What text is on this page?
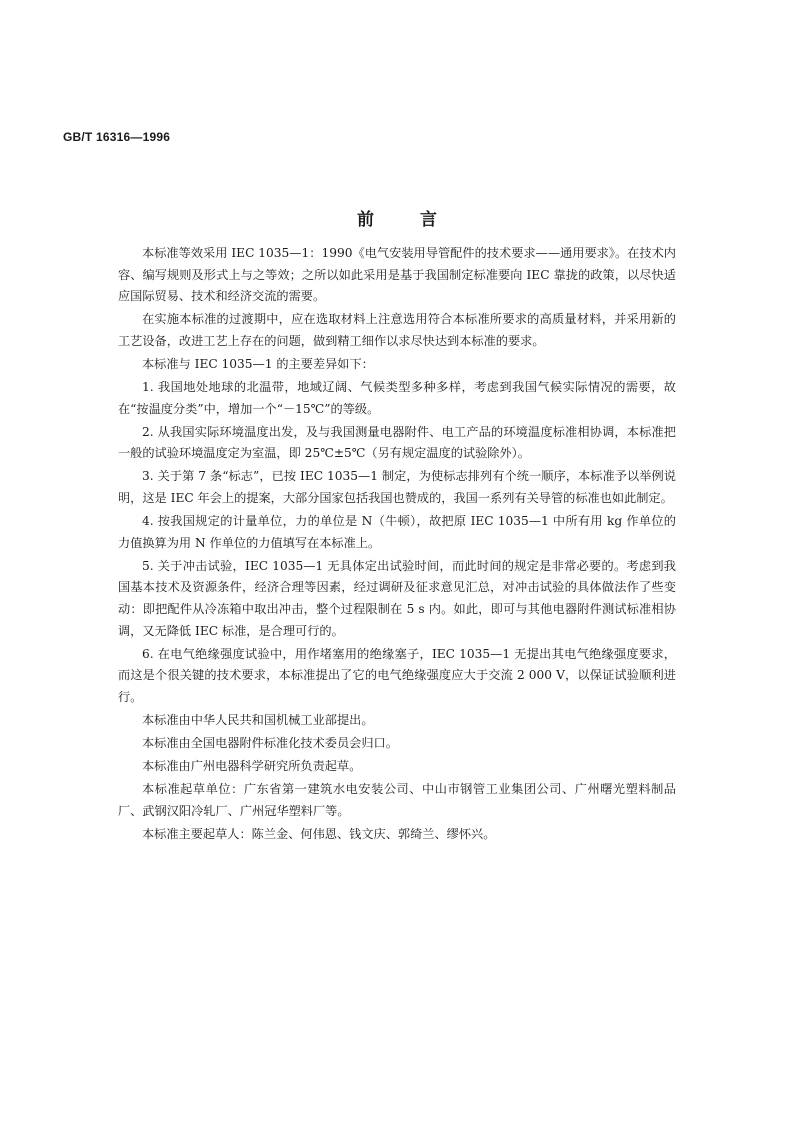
GB/T 16316—1996
前言

本标准等效采用 IEC 1035—1：1990《电气安装用导管配件的技术要求——通用要求》。在技术内容、编写规则及形式上与之等效；之所以如此采用是基于我国制定标准要向 IEC 靠拢的政策，以尽快适应国际贸易、技术和经济交流的需要。

在实施本标准的过渡期中，应在选取材料上注意选用符合本标准所要求的高质量材料，并采用新的工艺设备，改进工艺上存在的问题，做到精工细作以求尽快达到本标准的要求。

本标准与 IEC 1035—1 的主要差异如下：

1. 我国地处地球的北温带，地域辽阔、气候类型多种多样，考虑到我国气候实际情况的需要，故在“按温度分类”中，增加一个“－15℃”的等级。

2. 从我国实际环境温度出发，及与我国测量电器附件、电工产品的环境温度标准相协调，本标准把一般的试验环境温度定为室温，即 25℃±5℃（另有规定温度的试验除外）。

3. 关于第 7 条“标志”，已按 IEC 1035—1 制定，为使标志排列有个统一顺序，本标准予以举例说明，这是 IEC 年会上的提案，大部分国家包括我国也赞成的，我国一系列有关导管的标准也如此制定。

4. 按我国规定的计量单位，力的单位是 N（牛顿），故把原 IEC 1035—1 中所有用 kg 作单位的力值换算为用 N 作单位的力值填写在本标准上。

5. 关于冲击试验，IEC 1035—1 无具体定出试验时间，而此时间的规定是非常必要的。考虑到我国基本技术及资源条件，经济合理等因素，经过调研及征求意见汇总，对冲击试验的具体做法作了些变动：即把配件从冷冻箱中取出冲击，整个过程限制在 5 s 内。如此，即可与其他电器附件测试标准相协调，又无降低 IEC 标准，是合理可行的。

6. 在电气绝缘强度试验中，用作堵塞用的绝缘塞子，IEC 1035—1 无提出其电气绝缘强度要求，而这是个很关键的技术要求，本标准提出了它的电气绝缘强度应大于交流 2 000 V，以保证试验顺利进行。

本标准由中华人民共和国机械工业部提出。

本标准由全国电器附件标准化技术委员会归口。

本标准由广州电器科学研究所负责起草。

本标准起草单位：广东省第一建筑水电安装公司、中山市钢管工业集团公司、广州曙光塑料制品厂、武钢汉阳冷轧厂、广州冠华塑料厂等。

本标准主要起草人：陈兰金、何伟恩、钱文庆、郭绮兰、缪怀兴。
